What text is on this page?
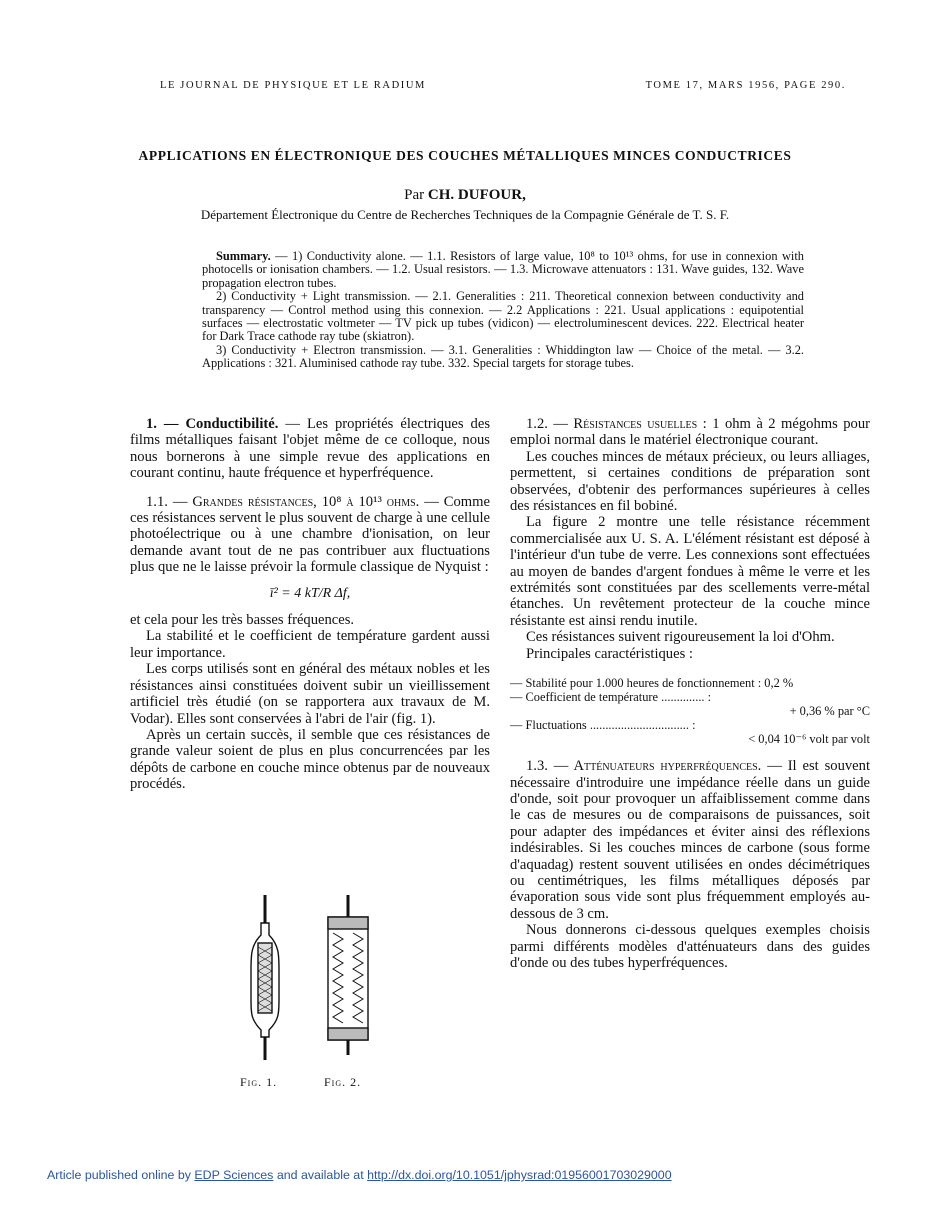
LE JOURNAL DE PHYSIQUE ET LE RADIUM	TOME 17, MARS 1956, PAGE 290.
APPLICATIONS EN ÉLECTRONIQUE DES COUCHES MÉTALLIQUES MINCES CONDUCTRICES
Par CH. DUFOUR,
Département Électronique du Centre de Recherches Techniques de la Compagnie Générale de T. S. F.

Summary. — 1) Conductivity alone. — 1.1. Resistors of large value, 10⁸ to 10¹³ ohms, for use in connexion with photocells or ionisation chambers. — 1.2. Usual resistors. — 1.3. Microwave attenuators : 131. Wave guides, 132. Wave propagation electron tubes.

2) Conductivity + Light transmission. — 2.1. Generalities : 211. Theoretical connexion between conductivity and transparency — Control method using this connexion. — 2.2 Applications : 221. Usual applications : equipotential surfaces — electrostatic voltmeter — TV pick up tubes (vidicon) — electroluminescent devices. 222. Electrical heater for Dark Trace cathode ray tube (skiatron).

3) Conductivity + Electron transmission. — 3.1. Generalities : Whiddington law — Choice of the metal. — 3.2. Applications : 321. Aluminised cathode ray tube. 332. Special targets for storage tubes.

1. — Conductibilité. — Les propriétés électriques des films métalliques faisant l'objet même de ce colloque, nous nous bornerons à une simple revue des applications en courant continu, haute fréquence et hyperfréquence.

1.1. — Grandes résistances, 10⁸ à 10¹³ ohms. — Comme ces résistances servent le plus souvent de charge à une cellule photoélectrique ou à une chambre d'ionisation, on leur demande avant tout de ne pas contribuer aux fluctuations plus que ne le laisse prévoir la formule classique de Nyquist :

ī² = 4 kT/R Δf,

et cela pour les très basses fréquences.

La stabilité et le coefficient de température gardent aussi leur importance.

Les corps utilisés sont en général des métaux nobles et les résistances ainsi constituées doivent subir un vieillissement artificiel très étudié (on se rapportera aux travaux de M. Vodar). Elles sont conservées à l'abri de l'air (fig. 1).

Après un certain succès, il semble que ces résistances de grande valeur soient de plus en plus concurrencées par les dépôts de carbone en couche mince obtenus par de nouveaux procédés.

Fig. 1.	Fig. 2.

1.2. — Résistances usuelles : 1 ohm à 2 mégohms pour emploi normal dans le matériel électronique courant.

Les couches minces de métaux précieux, ou leurs alliages, permettent, si certaines conditions de préparation sont observées, d'obtenir des performances supérieures à celles des résistances en fil bobiné.

La figure 2 montre une telle résistance récemment commercialisée aux U. S. A. L'élément résistant est déposé à l'intérieur d'un tube de verre. Les connexions sont effectuées au moyen de bandes d'argent fondues à même le verre et les extrémités sont constituées par des scellements verre-métal étanches. Un revêtement protecteur de la couche mince résistante est ainsi rendu inutile.

Ces résistances suivent rigoureusement la loi d'Ohm.

Principales caractéristiques :

— Stabilité pour 1.000 heures de fonctionnement : 0,2 %
— Coefficient de température .............. :
+ 0,36 % par °C
— Fluctuations ................................ :
< 0,04 10⁻⁶ volt par volt

1.3. — Atténuateurs hyperfréquences. — Il est souvent nécessaire d'introduire une impédance réelle dans un guide d'onde, soit pour provoquer un affaiblissement comme dans le cas de mesures ou de comparaisons de puissances, soit pour adapter des impédances et éviter ainsi des réflexions indésirables. Si les couches minces de carbone (sous forme d'aquadag) restent souvent utilisées en ondes décimétriques ou centimétriques, les films métalliques déposés par évaporation sous vide sont plus fréquemment employés au-dessous de 3 cm.

Nous donnerons ci-dessous quelques exemples choisis parmi différents modèles d'atténuateurs dans des guides d'onde ou des tubes hyperfréquences.

Article published online by EDP Sciences and available at http://dx.doi.org/10.1051/jphysrad:01956001703029000
